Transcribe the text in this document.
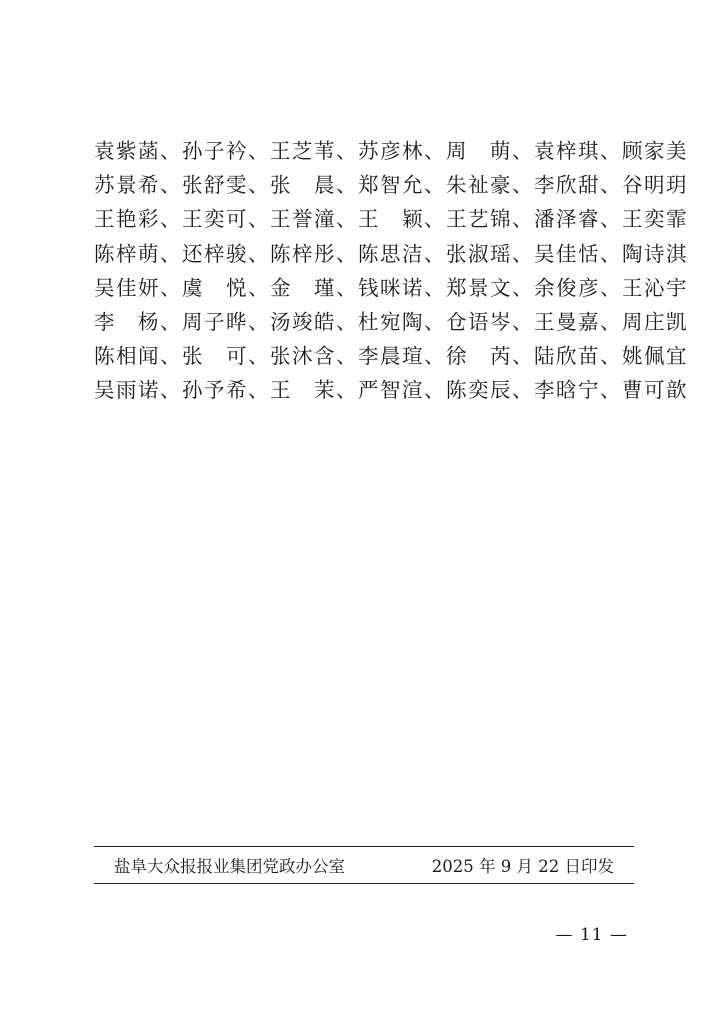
袁紫菡、孙子衿、王芝苇、苏彦林、周　萌、袁梓琪、顾家美
苏景希、张舒雯、张　晨、郑智允、朱祉豪、李欣甜、谷明玥
王艳彩、王奕可、王誉潼、王　颖、王艺锦、潘泽睿、王奕霏
陈梓萌、还梓骏、陈梓彤、陈思洁、张淑瑶、吴佳恬、陶诗淇
吴佳妍、虞　悦、金　瑾、钱咪诺、郑景文、余俊彦、王沁宇
李　杨、周子晔、汤竣皓、杜宛陶、仓语岑、王曼嘉、周庄凯
陈相闻、张　可、张沐含、李晨瑄、徐　芮、陆欣苗、姚佩宜
吴雨诺、孙予希、王　茉、严智渲、陈奕辰、李晗宁、曹可歆
盐阜大众报报业集团党政办公室	2025 年 9 月 22 日印发
— 11 —
